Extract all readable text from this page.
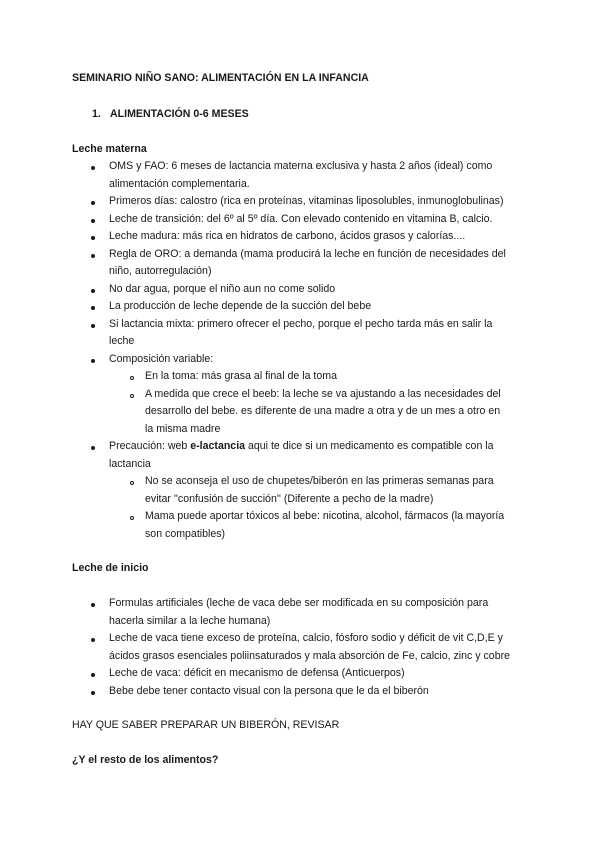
SEMINARIO NIÑO SANO: ALIMENTACIÓN EN LA INFANCIA

1. ALIMENTACIÓN 0-6 MESES

Leche materna

OMS y FAO: 6 meses de lactancia materna exclusiva y hasta 2 años (ideal) como

alimentación complementaria.

Primeros días: calostro (rica en proteínas, vitaminas liposolubles, inmunoglobulinas)

Leche de transición: del 6º al 5º día. Con elevado contenido en vitamina B, calcio.

Leche madura: más rica en hidratos de carbono, ácidos grasos y calorías....

Regla de ORO: a demanda (mama producirá la leche en función de necesidades del

niño, autorregulación)

No dar agua, porque el niño aun no come solido

La producción de leche depende de la succión del bebe

Si lactancia mixta: primero ofrecer el pecho, porque el pecho tarda más en salir la

leche

Composición variable:

En la toma: más grasa al final de la toma

A medida que crece el beeb: la leche se va ajustando a las necesidades del

desarrollo del bebe. es diferente de una madre a otra y de un mes a otro en

la misma madre

Precaución: web e-lactancia aqui te dice si un medicamento es compatible con la

lactancia

No se aconseja el uso de chupetes/biberón en las primeras semanas para

evitar ''confusión de succión'' (Diferente a pecho de la madre)

Mama puede aportar tóxicos al bebe: nicotina, alcohol, fármacos (la mayoría

son compatibles)

Leche de inicio

Formulas artificiales (leche de vaca debe ser modificada en su composición para

hacerla similar a la leche humana)

Leche de vaca tiene exceso de proteína, calcio, fósforo sodio y déficit de vit C,D,E y

ácidos grasos esenciales poliinsaturados y mala absorción de Fe, calcio, zinc y cobre

Leche de vaca: déficit en mecanismo de defensa (Anticuerpos)

Bebe debe tener contacto visual con la persona que le da el biberón

HAY QUE SABER PREPARAR UN BIBERÓN, REVISAR

¿Y el resto de los alimentos?
